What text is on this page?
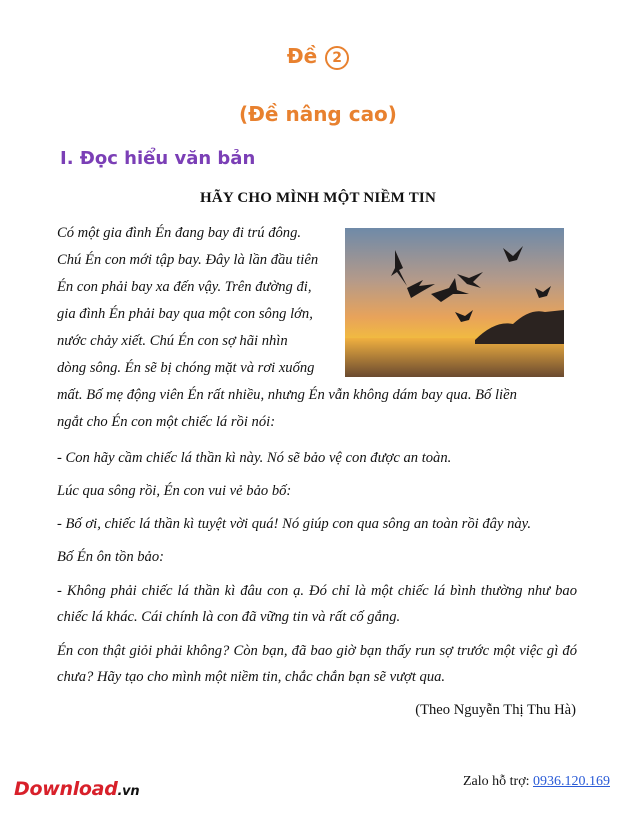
Đề 2
(Đề nâng cao)
I. Đọc hiểu văn bản
HÃY CHO MÌNH MỘT NIỀM TIN
Có một gia đình Én đang bay đi trú đông.
Chú Én con mới tập bay. Đây là lần đầu tiên
Én con phải bay xa đến vậy. Trên đường đi,
gia đình Én phải bay qua một con sông lớn,
nước chảy xiết. Chú Én con sợ hãi nhìn
dòng sông. Én sẽ bị chóng mặt và rơi xuống
mất. Bố mẹ động viên Én rất nhiều, nhưng Én vẫn không dám bay qua. Bố liền
ngắt cho Én con một chiếc lá rồi nói:
- Con hãy cầm chiếc lá thần kì này. Nó sẽ bảo vệ con được an toàn.
Lúc qua sông rồi, Én con vui vẻ bảo bố:
- Bố ơi, chiếc lá thần kì tuyệt vời quá! Nó giúp con qua sông an toàn rồi đây này.
Bố Én ôn tồn bảo:
- Không phải chiếc lá thần kì đâu con ạ. Đó chỉ là một chiếc lá bình thường như bao chiếc lá khác. Cái chính là con đã vững tin và rất cố gắng.
Én con thật giỏi phải không? Còn bạn, đã bao giờ bạn thấy run sợ trước một việc gì đó chưa? Hãy tạo cho mình một niềm tin, chắc chắn bạn sẽ vượt qua.
(Theo Nguyễn Thị Thu Hà)
Download.vn
Zalo hỗ trợ: 0936.120.169
